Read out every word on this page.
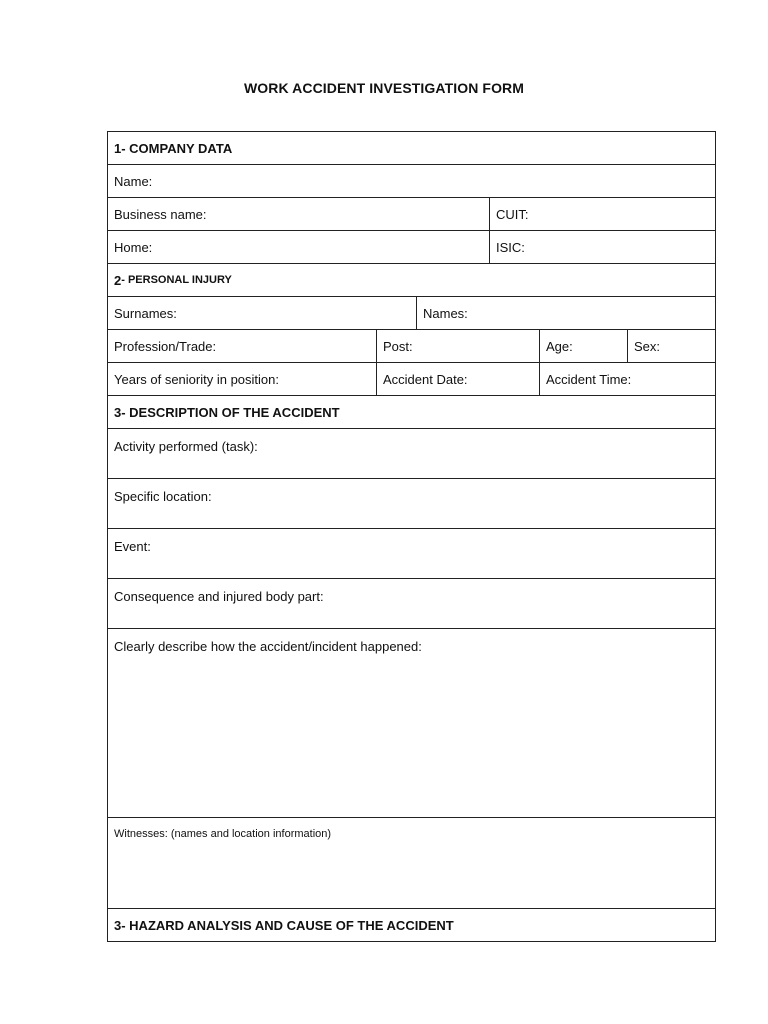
WORK ACCIDENT INVESTIGATION FORM
1- COMPANY DATA
Name:
Business name:	CUIT:
Home:	ISIC:
2 - PERSONAL INJURY
Surnames:	Names:
Profession/Trade:	Post:	Age:	Sex:
Years of seniority in position:	Accident Date:	Accident Time:
3- DESCRIPTION OF THE ACCIDENT
Activity performed (task):
Specific location:
Event:
Consequence and injured body part:
Clearly describe how the accident/incident happened:
Witnesses: (names and location information)
3- HAZARD ANALYSIS AND CAUSE OF THE ACCIDENT
